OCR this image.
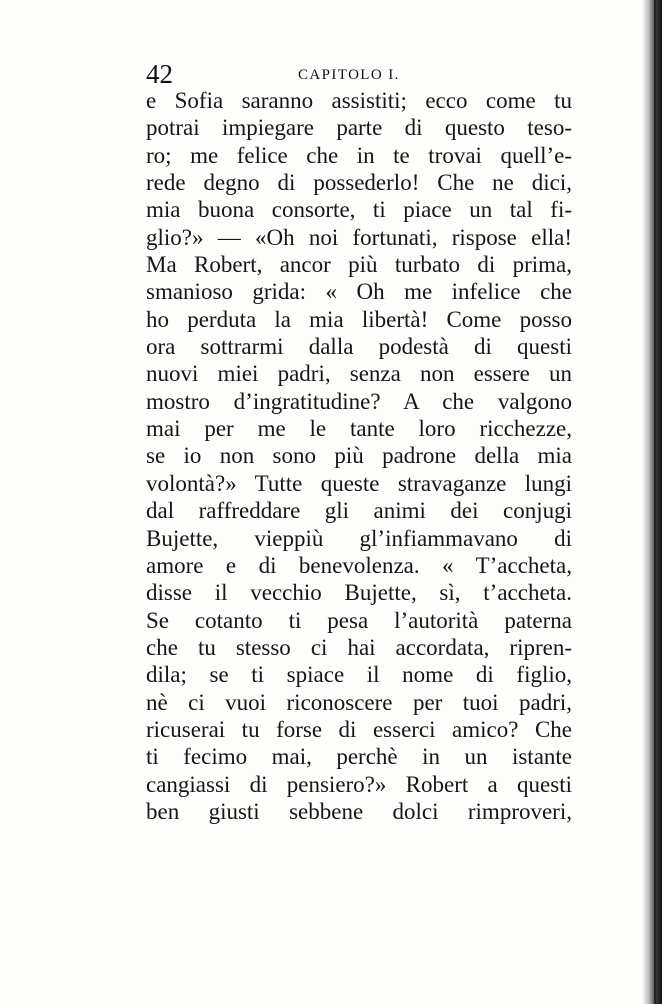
42	CAPITOLO I.
e Sofia saranno assistiti; ecco come tu
potrai impiegare parte di questo teso-
ro; me felice che in te trovai quell’e-
rede degno di possederlo! Che ne dici,
mia buona consorte, ti piace un tal fi-
glio?» — «Oh noi fortunati, rispose ella!
Ma Robert, ancor più turbato di prima,
smanioso grida: « Oh me infelice che
ho perduta la mia libertà! Come posso
ora sottrarmi dalla podestà di questi
nuovi miei padri, senza non essere un
mostro d’ingratitudine? A che valgono
mai per me le tante loro ricchezze,
se io non sono più padrone della mia
volontà?» Tutte queste stravaganze lungi
dal raffreddare gli animi dei conjugi
Bujette, vieppiù gl’infiammavano di
amore e di benevolenza. « T’accheta,
disse il vecchio Bujette, sì, t’accheta.
Se cotanto ti pesa l’autorità paterna
che tu stesso ci hai accordata, ripren-
dila; se ti spiace il nome di figlio,
nè ci vuoi riconoscere per tuoi padri,
ricuserai tu forse di esserci amico? Che
ti fecimo mai, perchè in un istante
cangiassi di pensiero?» Robert a questi
ben giusti sebbene dolci rimproveri,
